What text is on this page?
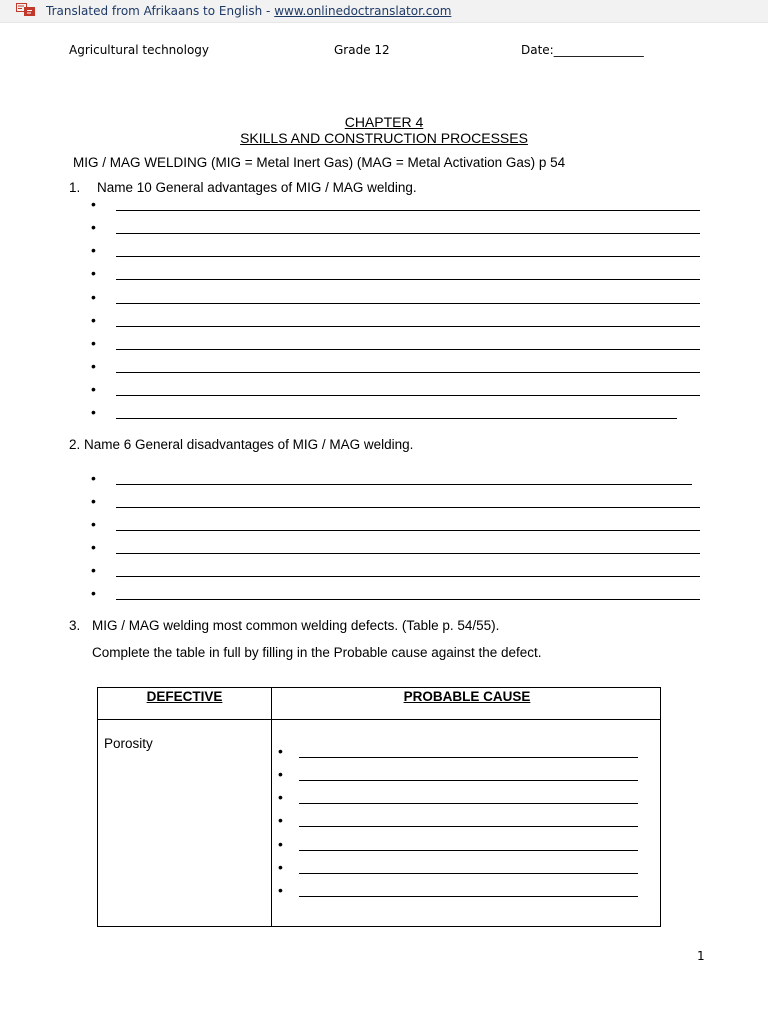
Translated from Afrikaans to English - www.onlinedoctranslator.com
Agricultural technology	Grade 12	Date:_______________
CHAPTER 4
SKILLS AND CONSTRUCTION PROCESSES
MIG / MAG WELDING (MIG = Metal Inert Gas) (MAG = Metal Activation Gas) p 54
1. Name 10 General advantages of MIG / MAG welding.
•
•
•
•
•
•
•
•
•
•
2. Name 6 General disadvantages of MIG / MAG welding.
•
•
•
•
•
•
3. MIG / MAG welding most common welding defects. (Table p. 54/55).
Complete the table in full by filling in the Probable cause against the defect.
DEFECTIVE	PROBABLE CAUSE
Porosity	•
•
•
•
•
•
•
1
